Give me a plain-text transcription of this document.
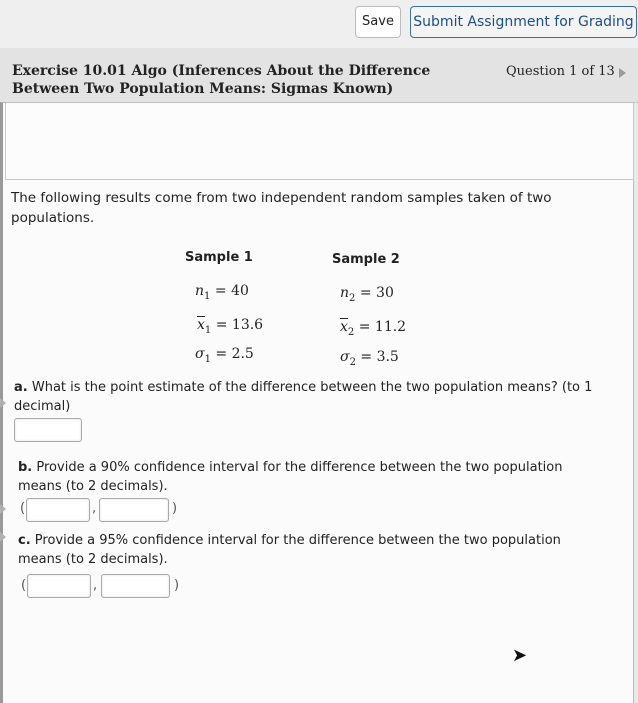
Save	Submit Assignment for Grading
Exercise 10.01 Algo (Inferences About the Difference Between Two Population Means: Sigmas Known)
Question 1 of 13
The following results come from two independent random samples taken of two populations.
Sample 1	Sample 2
$n_1 = 40$	$n_2 = 30$
$\overline{x}_1 = 13.6$	$\overline{x}_2 = 11.2$
$\sigma_1 = 2.5$	$\sigma_2 = 3.5$
a. What is the point estimate of the difference between the two population means? (to 1 decimal)
b. Provide a 90% confidence interval for the difference between the two population means (to 2 decimals).
(	,	)
c. Provide a 95% confidence interval for the difference between the two population means (to 2 decimals).
(	,	)
➤
